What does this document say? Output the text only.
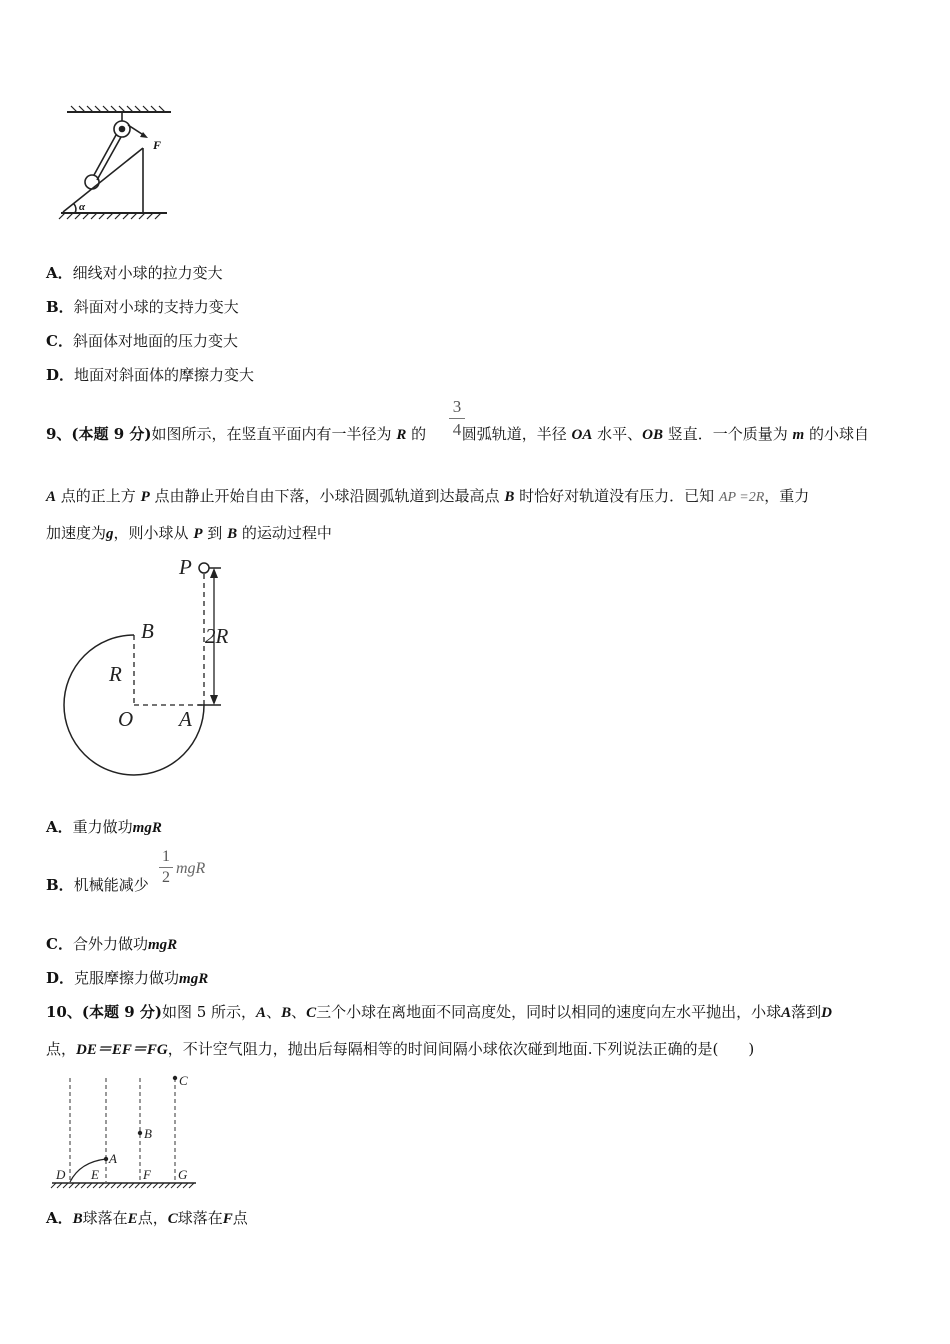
F
α
A．细线对小球的拉力变大
B．斜面对小球的支持力变大
C．斜面体对地面的压力变大
D．地面对斜面体的摩擦力变大
9、(本题 9 分)如图所示，在竖直平面内有一半径为 R 的 圆弧轨道，半径 OA 水平、OB 竖直．一个质量为 m 的小球自
3
4
A 点的正上方 P 点由静止开始自由下落，小球沿圆弧轨道到达最高点 B 时恰好对轨道没有压力．已知 AP =2R，重力
加速度为g，则小球从 P 到 B 的运动过程中
P
B
R
O A
2R
A．重力做功mgR
B．机械能减少
1
2
mgR
C．合外力做功mgR
D．克服摩擦力做功mgR
10、(本题 9 分)如图 5 所示，A、B、C三个小球在离地面不同高度处，同时以相同的速度向左水平抛出，小球A落到D
点，DE＝EF＝FG，不计空气阻力，抛出后每隔相等的时间间隔小球依次碰到地面.下列说法正确的是(　　)
A
B
C
D E	F G
A．B球落在E点，C球落在F点
